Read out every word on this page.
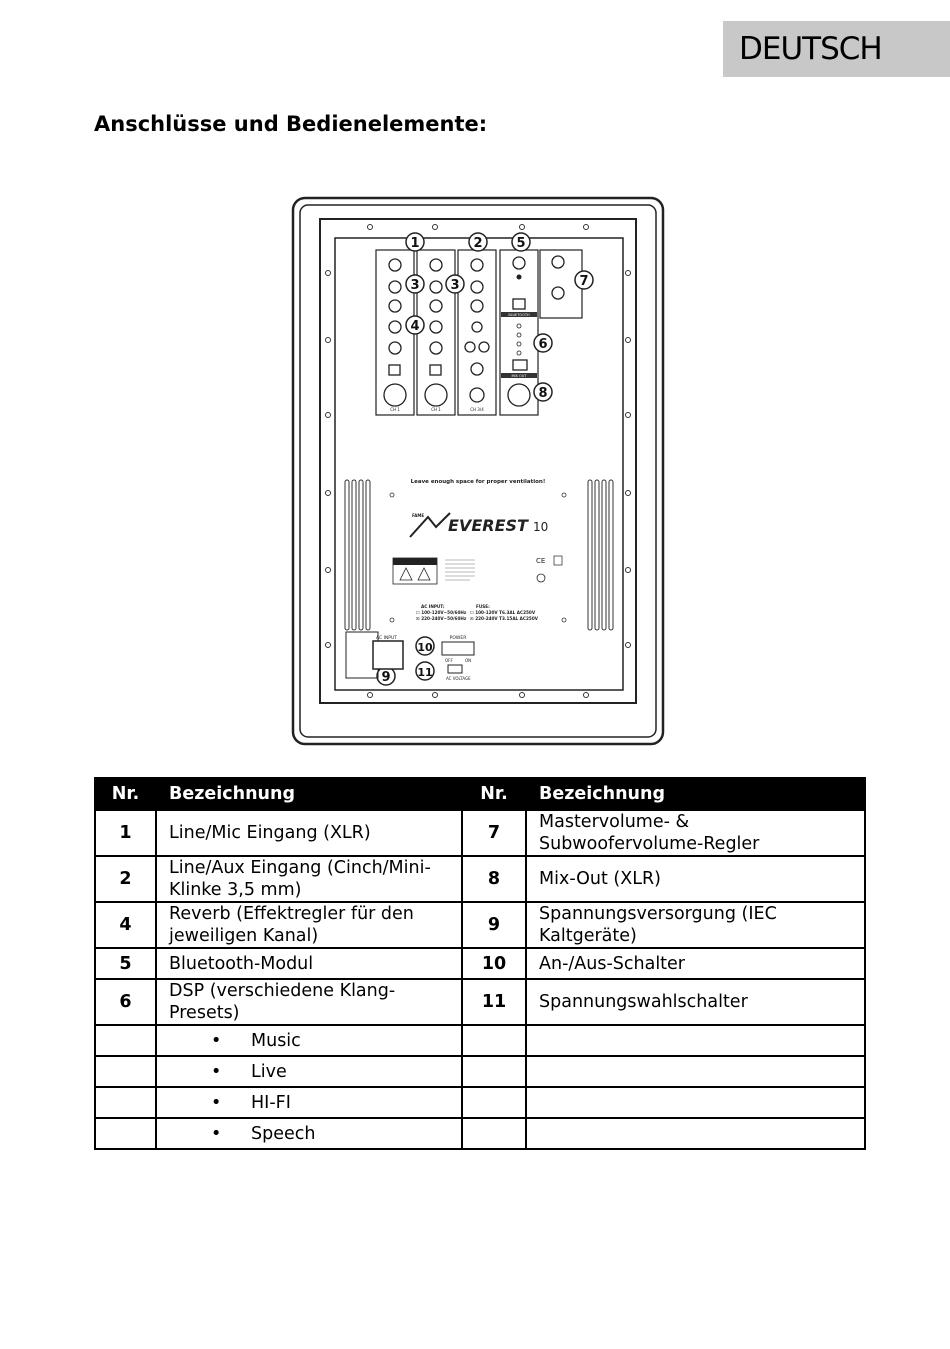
DEUTSCH
Anschlüsse und Bedienelemente:
MIX OUT
BLUETOOTH
CH 1	CH 1	CH 3/4
1	2
3 3
4
5
6
7
8
9
10
11
Leave enough space for proper ventilation!
FAME
EVEREST 10
CE
AC INPUT:
☐ 100-120V~50/60Hz
☒ 220-240V~50/60Hz
FUSE:
☐ 100-120V T6.3AL AC250V
☒ 220-240V T3.15AL AC250V
AC INPUT	POWER
OFF	ON
AC VOLTAGE
Nr.	Bezeichnung	Nr.	Bezeichnung
1	Line/Mic Eingang (XLR)	7	Mastervolume- & Subwoofervolume-Regler
2	Line/Aux Eingang (Cinch/Mini-Klinke 3,5 mm)	8	Mix-Out (XLR)
4	Reverb (Effektregler für den jeweiligen Kanal)	9	Spannungsversorgung (IEC Kaltgeräte)
5	Bluetooth-Modul	10	An-/Aus-Schalter
6	DSP (verschiedene Klang-Presets)	11	Spannungswahlschalter
	• Music		
	• Live		
	• HI-FI		
	• Speech		
